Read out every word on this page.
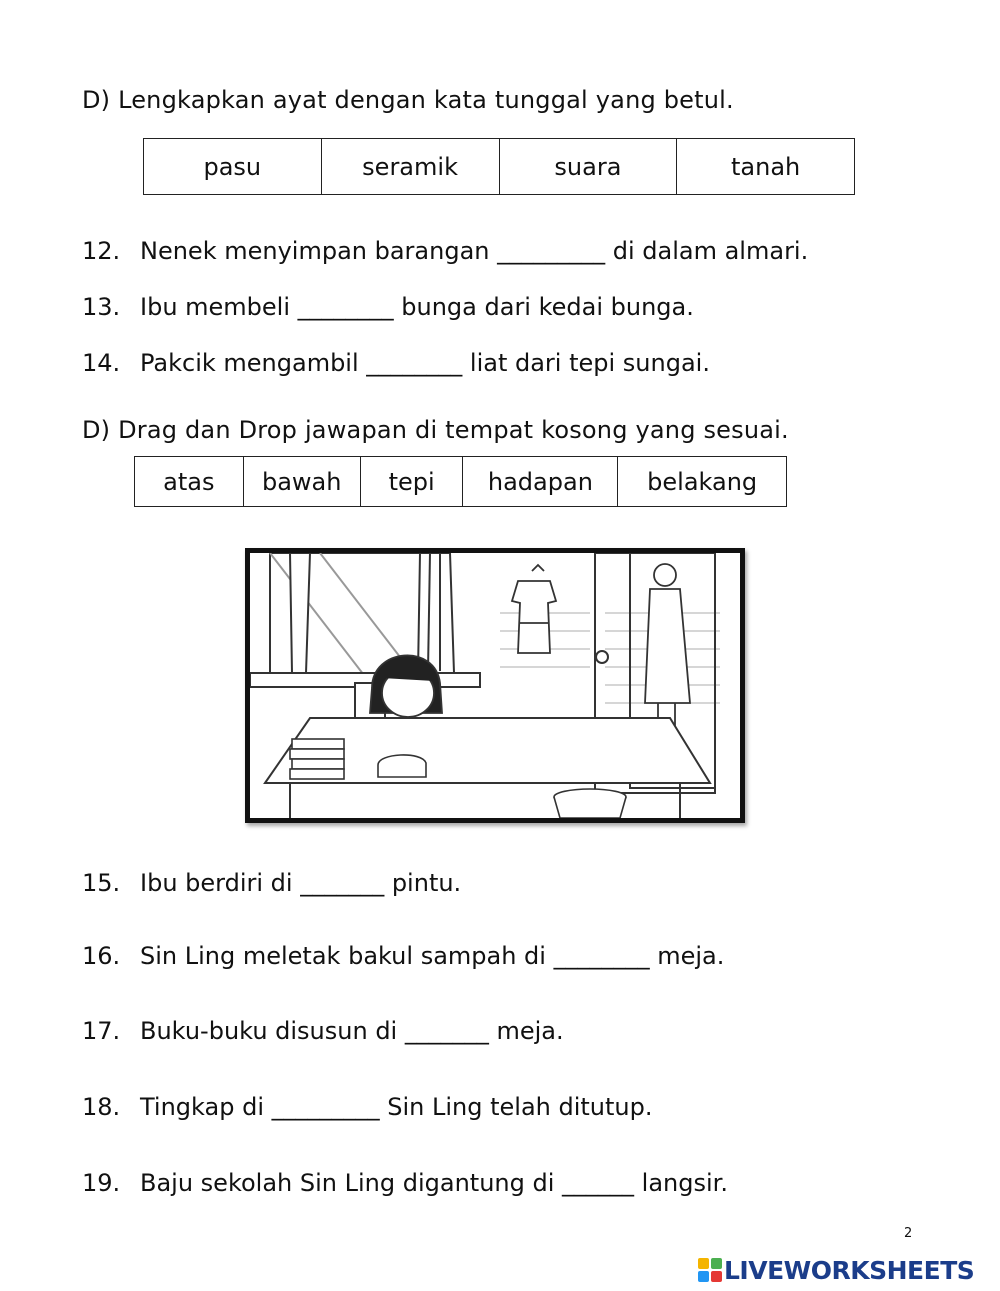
D) Lengkapkan ayat dengan kata tunggal yang betul.
pasu	seramik	suara	tanah
12. Nenek menyimpan barangan _________ di dalam almari.
13. Ibu membeli ________ bunga dari kedai bunga.
14. Pakcik mengambil ________ liat dari tepi sungai.
D) Drag dan Drop jawapan di tempat kosong yang sesuai.
atas	bawah	tepi	hadapan	belakang
15. Ibu berdiri di _______ pintu.
16. Sin Ling meletak bakul sampah di ________ meja.
17. Buku-buku disusun di _______ meja.
18. Tingkap di _________ Sin Ling telah ditutup.
19. Baju sekolah Sin Ling digantung di ______ langsir.
2
LIVEWORKSHEETS
